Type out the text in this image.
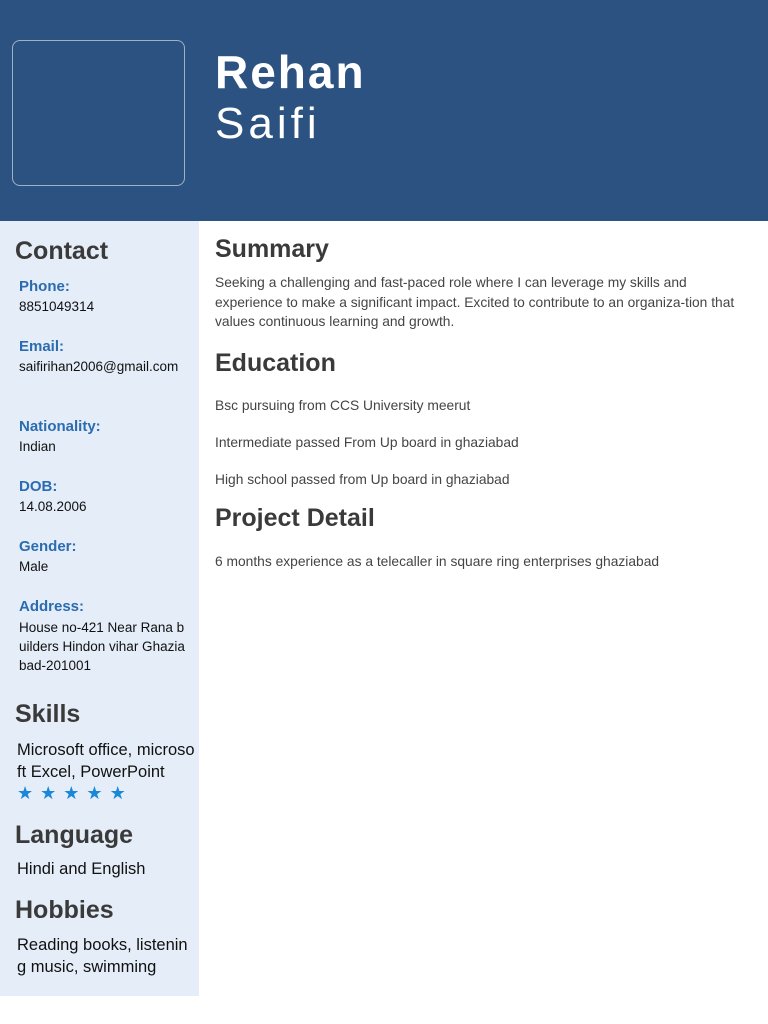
Rehan
Saifi
Contact
Phone:
8851049314
Email:
saifirihan2006@gmail.com
Nationality:
Indian
DOB:
14.08.2006
Gender:
Male
Address:
House no-421 Near Rana builders Hindon vihar Ghaziabad-201001
Skills
Microsoft office, microsoft Excel, PowerPoint
★ ★ ★ ★ ★
Language
Hindi and English
Hobbies
Reading books, listening music, swimming
Summary

Seeking a challenging and fast-paced role where I can leverage my skills and experience to make a significant impact. Excited to contribute to an organiza-tion that values continuous learning and growth.

Education
Bsc pursuing from CCS University meerut
Intermediate passed From Up board in ghaziabad
High school passed from Up board in ghaziabad
Project Detail
6 months experience as a telecaller in square ring enterprises ghaziabad
